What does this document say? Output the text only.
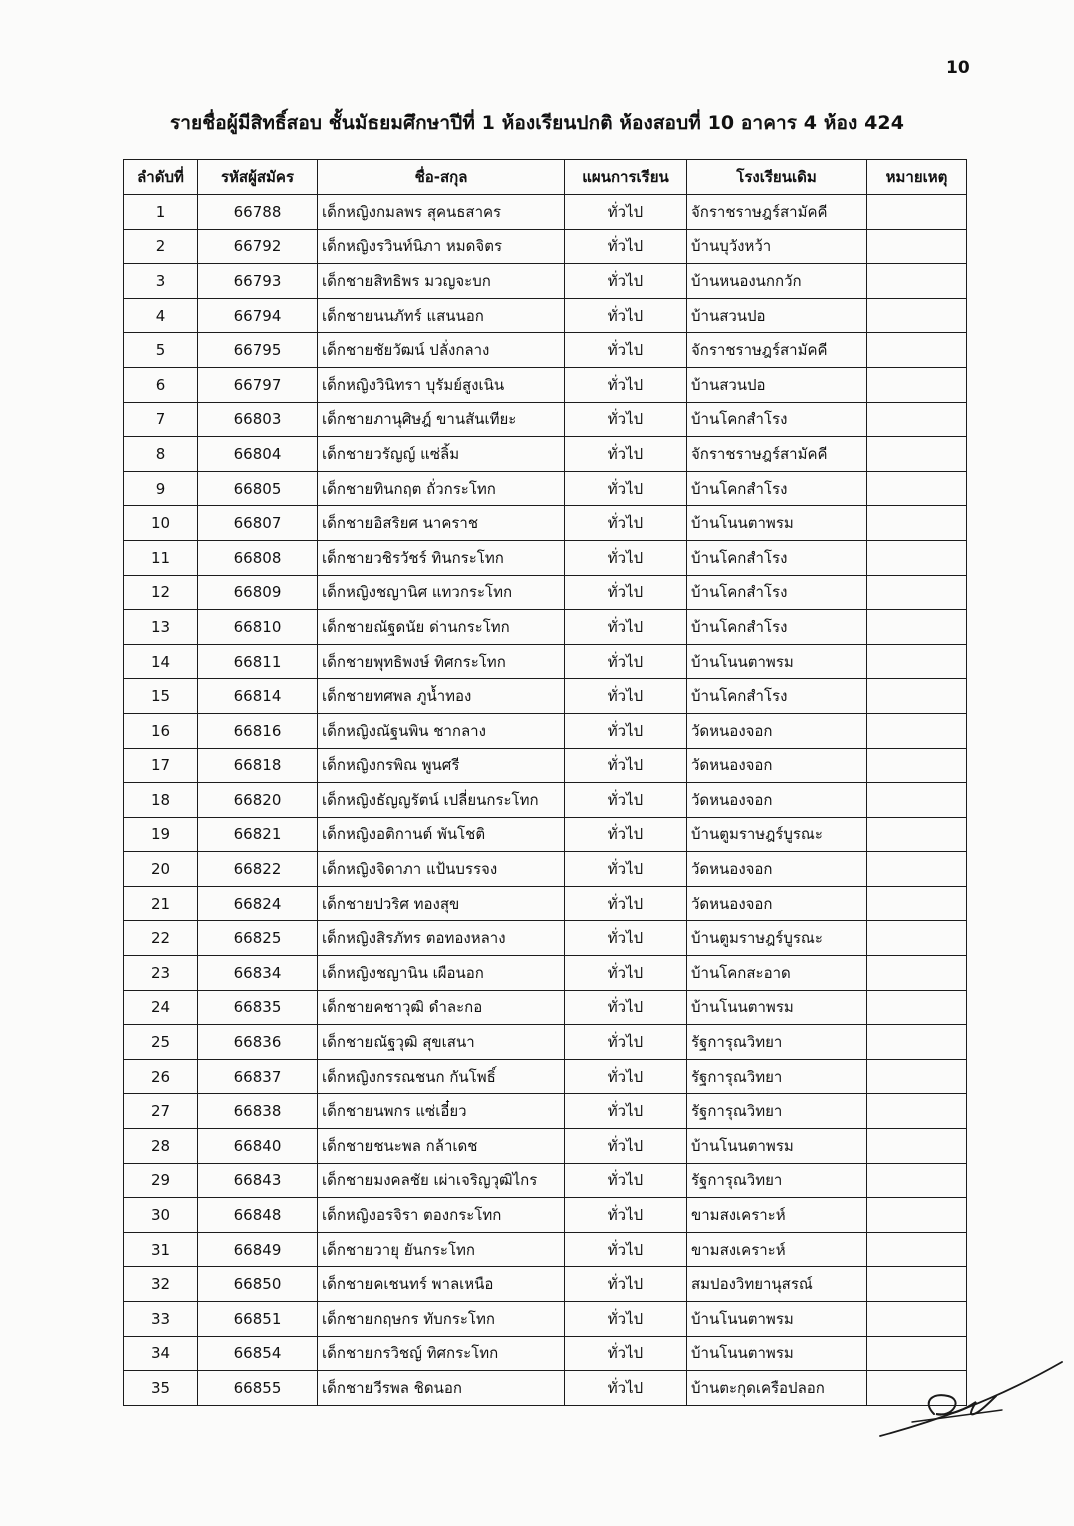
10
รายชื่อผู้มีสิทธิ์สอบ ชั้นมัธยมศึกษาปีที่ 1 ห้องเรียนปกติ ห้องสอบที่ 10 อาคาร 4 ห้อง 424
ลำดับที่	รหัสผู้สมัคร	ชื่อ-สกุล	แผนการเรียน	โรงเรียนเดิม	หมายเหตุ
1	66788	เด็กหญิงกมลพร สุคนธสาคร	ทั่วไป	จักราชราษฎร์สามัคคี	
2	66792	เด็กหญิงรวินท์นิภา หมดจิตร	ทั่วไป	บ้านบุวังหว้า	
3	66793	เด็กชายสิทธิพร มวญจะบก	ทั่วไป	บ้านหนองนกกวัก	
4	66794	เด็กชายนนภัทร์ แสนนอก	ทั่วไป	บ้านสวนปอ	
5	66795	เด็กชายชัยวัฒน์ ปลั่งกลาง	ทั่วไป	จักราชราษฎร์สามัคคี	
6	66797	เด็กหญิงวินิทรา บุรัมย์สูงเนิน	ทั่วไป	บ้านสวนปอ	
7	66803	เด็กชายภานุศิษฎ์ ขานสันเทียะ	ทั่วไป	บ้านโคกสำโรง	
8	66804	เด็กชายวรัญญ์ แซ่ลิ้ม	ทั่วไป	จักราชราษฎร์สามัคคี	
9	66805	เด็กชายทินกฤต ถั่วกระโทก	ทั่วไป	บ้านโคกสำโรง	
10	66807	เด็กชายอิสริยศ นาคราช	ทั่วไป	บ้านโนนตาพรม	
11	66808	เด็กชายวชิรวัชร์ ทินกระโทก	ทั่วไป	บ้านโคกสำโรง	
12	66809	เด็กหญิงชญานิศ แทวกระโทก	ทั่วไป	บ้านโคกสำโรง	
13	66810	เด็กชายณัฐดนัย ด่านกระโทก	ทั่วไป	บ้านโคกสำโรง	
14	66811	เด็กชายพุทธิพงษ์ ทิศกระโทก	ทั่วไป	บ้านโนนตาพรม	
15	66814	เด็กชายทศพล ภูน้ำทอง	ทั่วไป	บ้านโคกสำโรง	
16	66816	เด็กหญิงณัฐนพิน ชากลาง	ทั่วไป	วัดหนองจอก	
17	66818	เด็กหญิงกรพิณ พูนศรี	ทั่วไป	วัดหนองจอก	
18	66820	เด็กหญิงธัญญรัตน์ เปลี่ยนกระโทก	ทั่วไป	วัดหนองจอก	
19	66821	เด็กหญิงอติกานต์ พันโชติ	ทั่วไป	บ้านตูมราษฎร์บูรณะ	
20	66822	เด็กหญิงจิดาภา แป้นบรรจง	ทั่วไป	วัดหนองจอก	
21	66824	เด็กชายปวริศ ทองสุข	ทั่วไป	วัดหนองจอก	
22	66825	เด็กหญิงสิรภัทร ตอทองหลาง	ทั่วไป	บ้านตูมราษฎร์บูรณะ	
23	66834	เด็กหญิงชญานิน เผือนอก	ทั่วไป	บ้านโคกสะอาด	
24	66835	เด็กชายคชาวุฒิ ดำละกอ	ทั่วไป	บ้านโนนตาพรม	
25	66836	เด็กชายณัฐวุฒิ สุขเสนา	ทั่วไป	รัฐการุณวิทยา	
26	66837	เด็กหญิงกรรณชนก กันโพธิ์	ทั่วไป	รัฐการุณวิทยา	
27	66838	เด็กชายนพกร แซ่เอี๋ยว	ทั่วไป	รัฐการุณวิทยา	
28	66840	เด็กชายชนะพล กล้าเดช	ทั่วไป	บ้านโนนตาพรม	
29	66843	เด็กชายมงคลชัย เผ่าเจริญวุฒิไกร	ทั่วไป	รัฐการุณวิทยา	
30	66848	เด็กหญิงอรจิรา ตองกระโทก	ทั่วไป	ขามสงเคราะห์	
31	66849	เด็กชายวายุ ยันกระโทก	ทั่วไป	ขามสงเคราะห์	
32	66850	เด็กชายคเชนทร์ พาลเหนือ	ทั่วไป	สมปองวิทยานุสรณ์	
33	66851	เด็กชายกฤษกร ทับกระโทก	ทั่วไป	บ้านโนนตาพรม	
34	66854	เด็กชายกรวิชญ์ ทิศกระโทก	ทั่วไป	บ้านโนนตาพรม	
35	66855	เด็กชายวีรพล ชิดนอก	ทั่วไป	บ้านตะกุดเครือปลอก	
